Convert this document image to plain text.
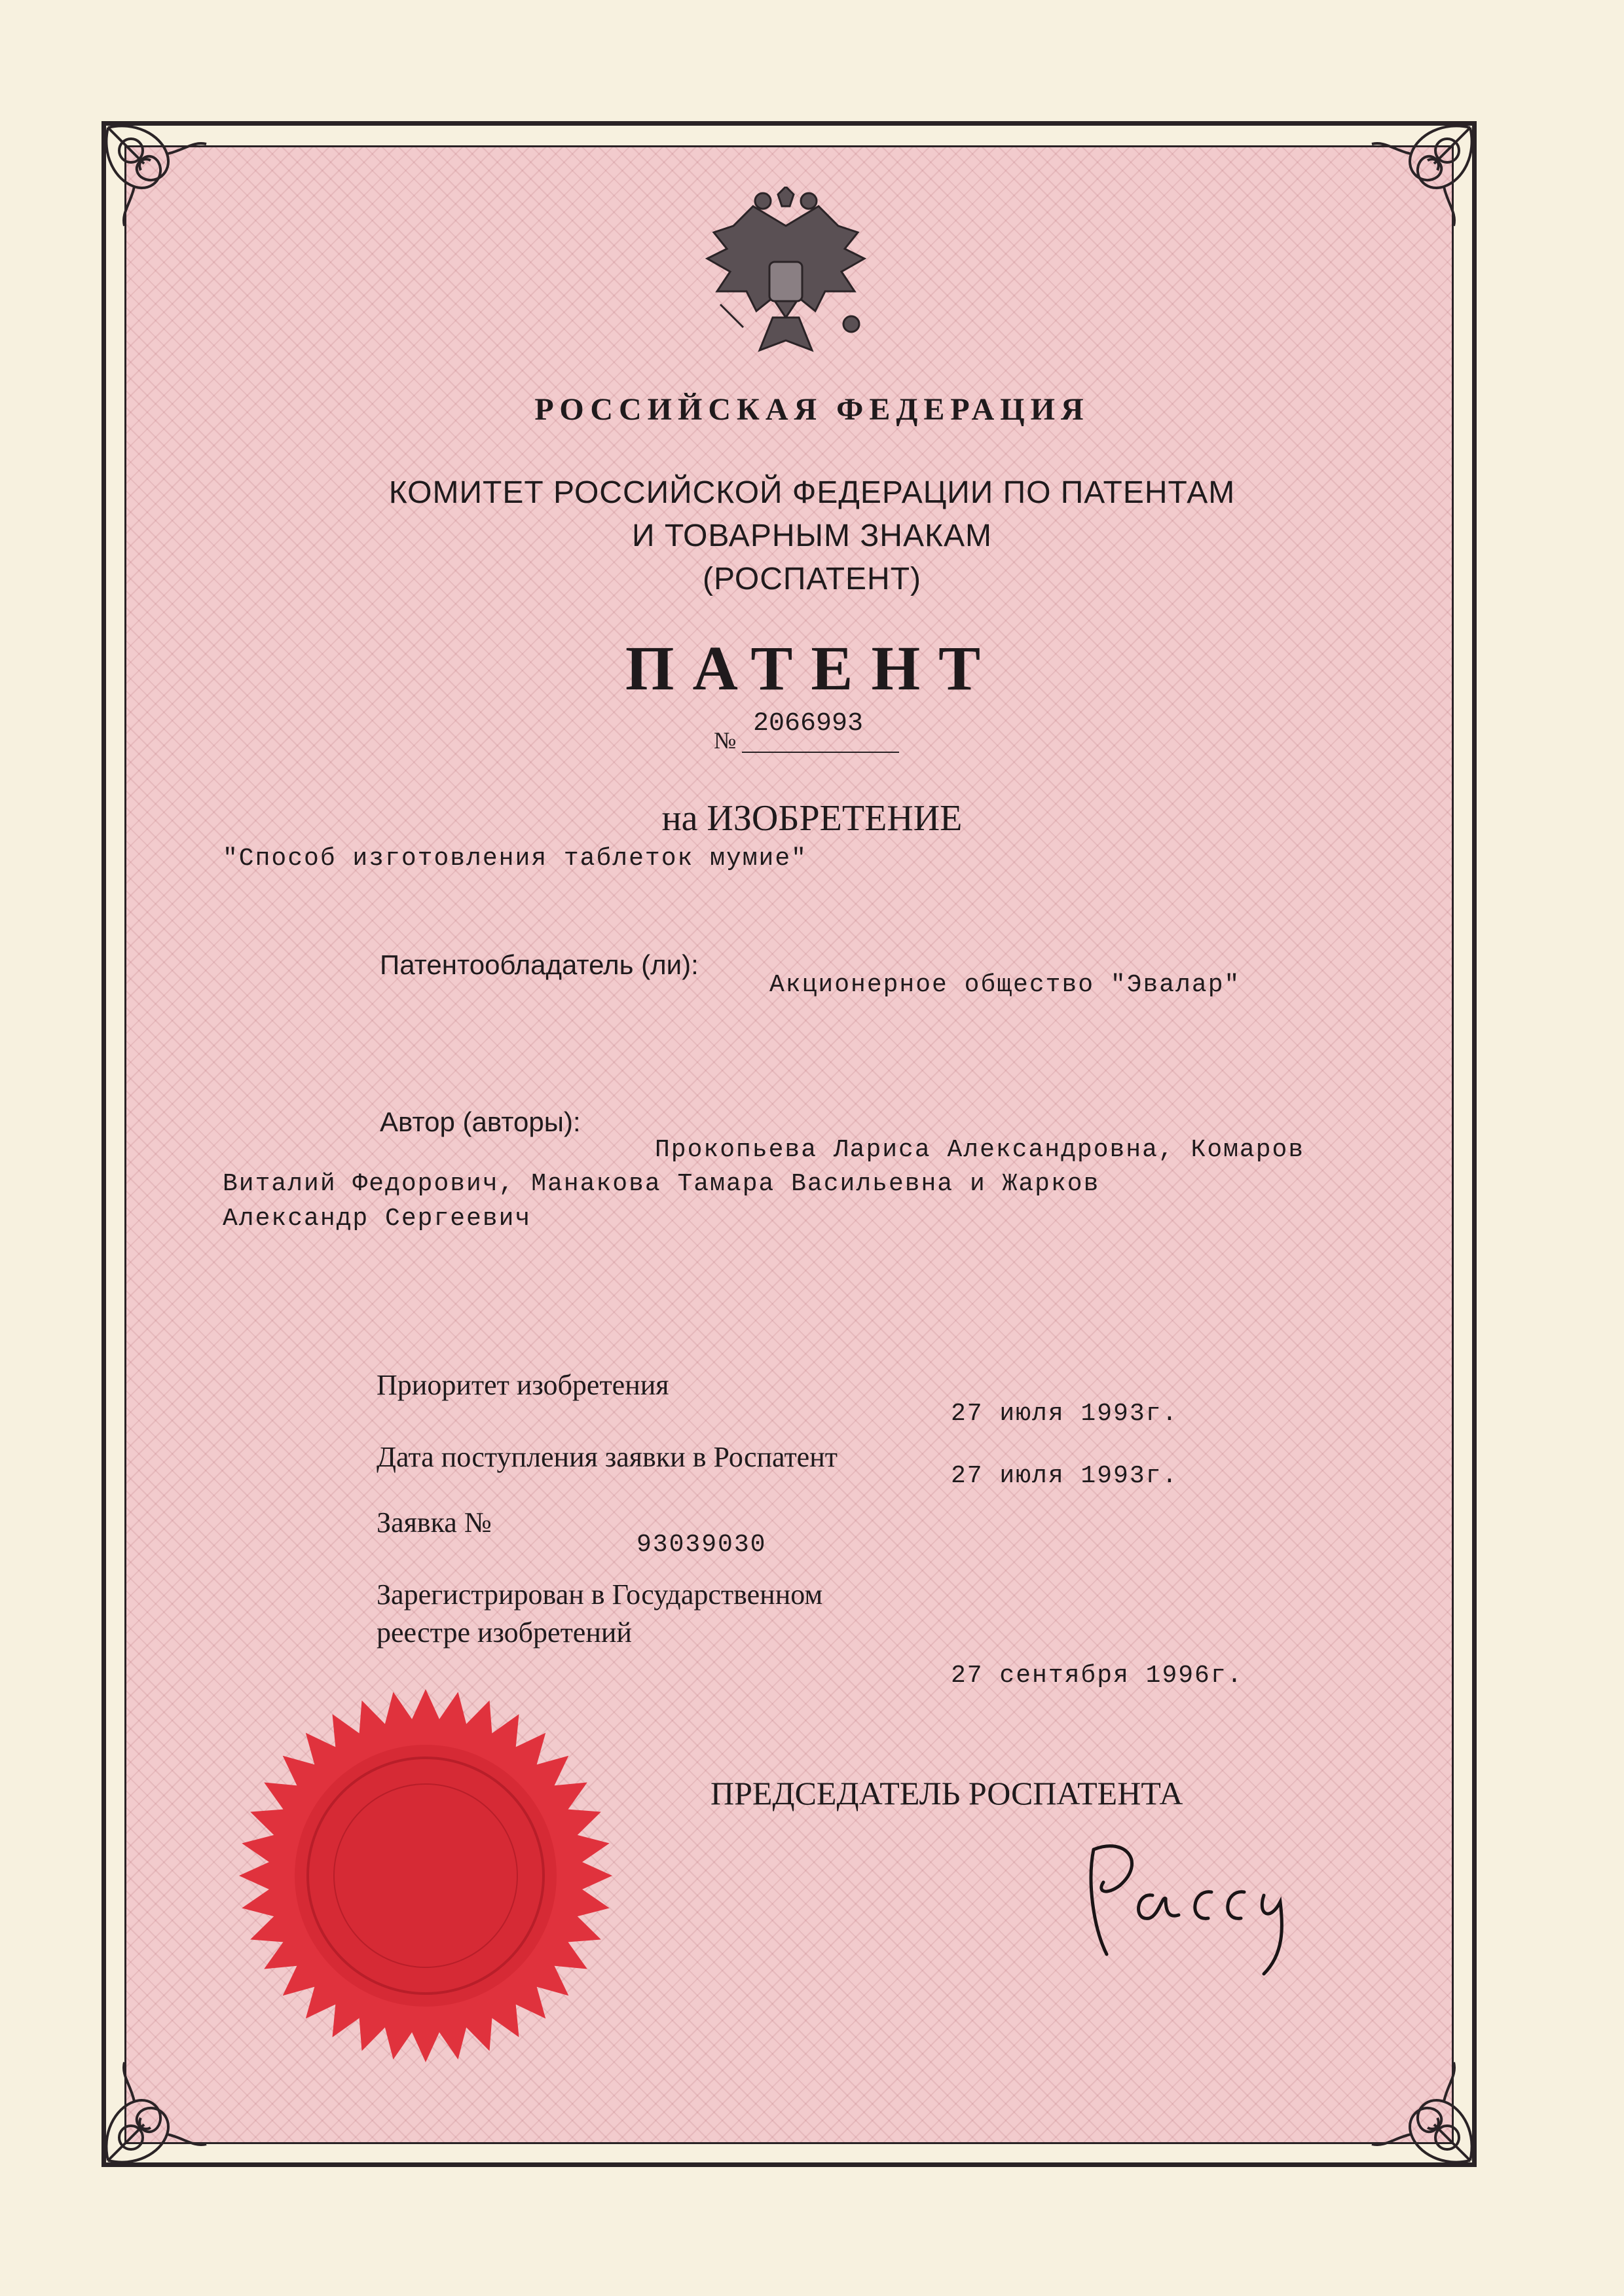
РОССИЙСКАЯ ФЕДЕРАЦИЯ
КОМИТЕТ РОССИЙСКОЙ ФЕДЕРАЦИИ ПО ПАТЕНТАМ
И ТОВАРНЫМ ЗНАКАМ
(РОСПАТЕНТ)
ПАТЕНТ
№
2066993
на ИЗОБРЕТЕНИЕ
"Способ изготовления таблеток мумие"
Патентообладатель (ли):
Акционерное общество "Эвалар"
Автор (авторы):
Прокопьева Лариса Александровна, Комаров
Виталий Федорович, Манакова Тамара Васильевна и Жарков
Александр Сергеевич
Приоритет изобретения
27 июля 1993г.
Дата поступления заявки в Роспатент
27 июля 1993г.
Заявка №
93039030
Зарегистрирован в Государственном
реестре изобретений
27 сентября 1996г.
ПРЕДСЕДАТЕЛЬ РОСПАТЕНТА
